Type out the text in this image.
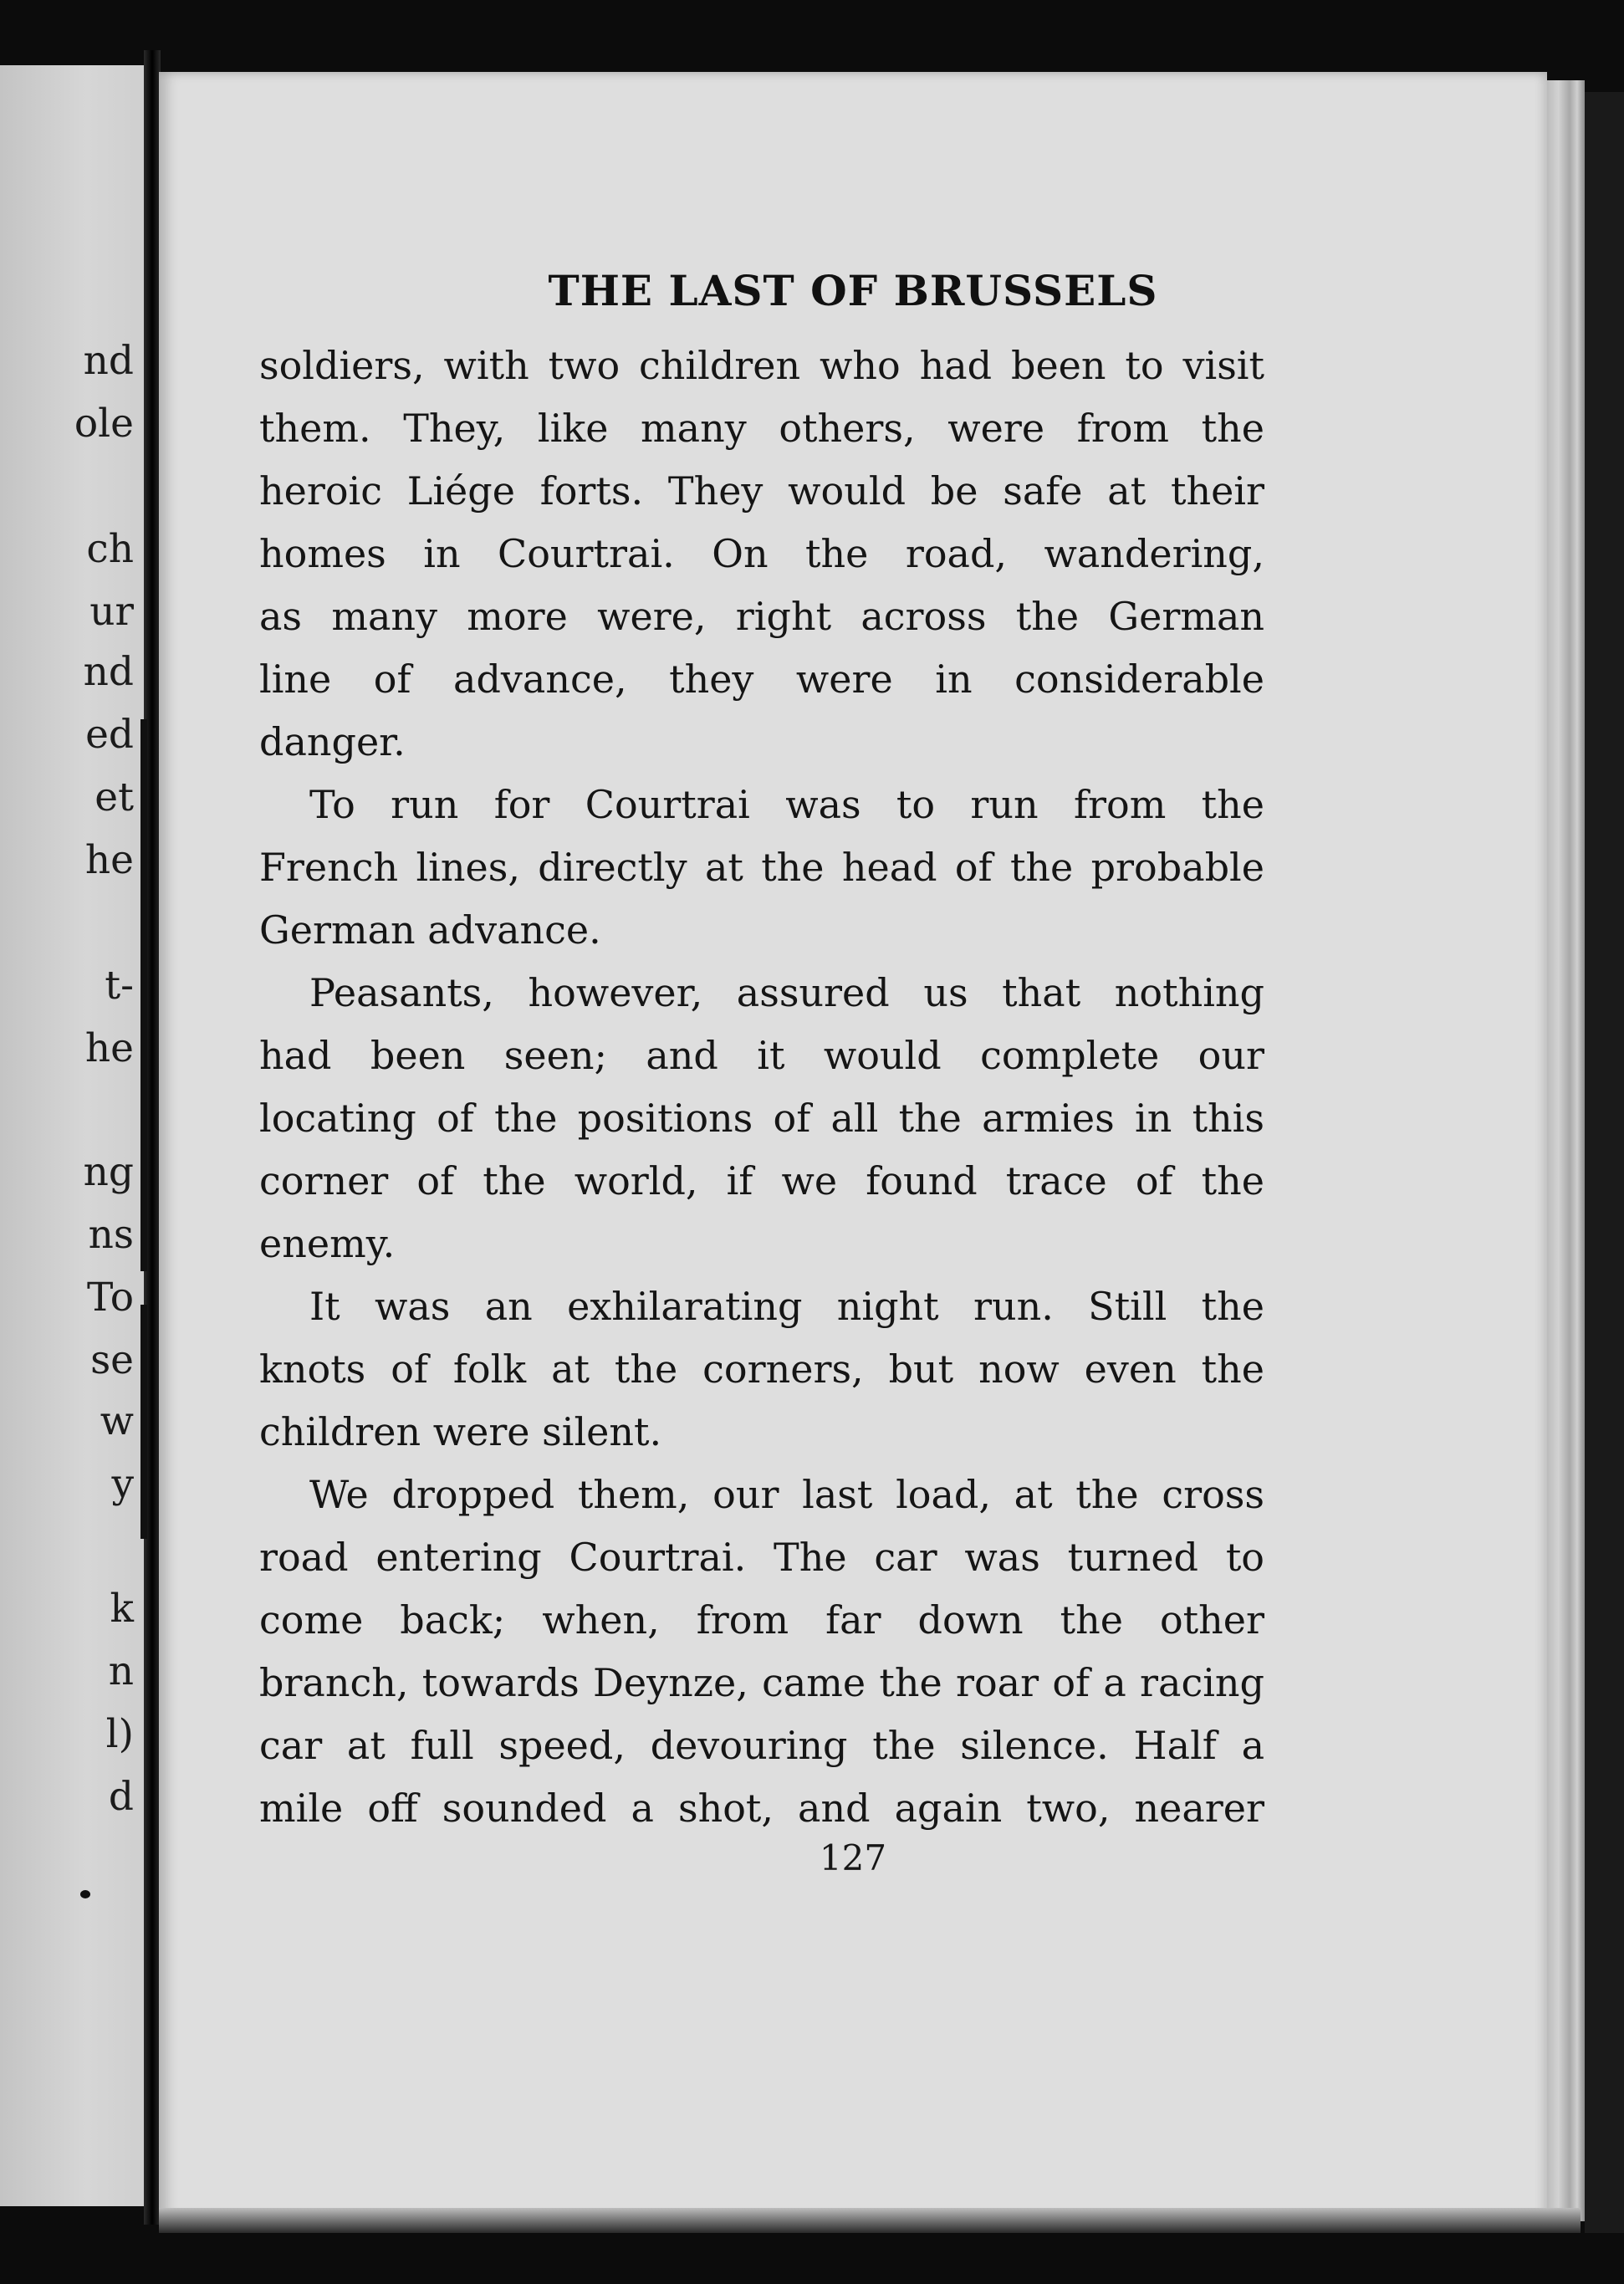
nd
ole
ch
ur
nd
ed
et
he
t-
he
ng
ns
To
se
w
y
k
n
l)
d
THE LAST OF BRUSSELS
soldiers, with two children who had been to visit
them. They, like many others, were from the
heroic Liége forts. They would be safe at their
homes in Courtrai. On the road, wandering,
as many more were, right across the German
line of advance, they were in considerable
danger.
To run for Courtrai was to run from the
French lines, directly at the head of the probable
German advance.
Peasants, however, assured us that nothing
had been seen; and it would complete our
locating of the positions of all the armies in this
corner of the world, if we found trace of the
enemy.
It was an exhilarating night run. Still the
knots of folk at the corners, but now even the
children were silent.
We dropped them, our last load, at the cross
road entering Courtrai. The car was turned to
come back; when, from far down the other
branch, towards Deynze, came the roar of a racing
car at full speed, devouring the silence. Half a
mile off sounded a shot, and again two, nearer
127
